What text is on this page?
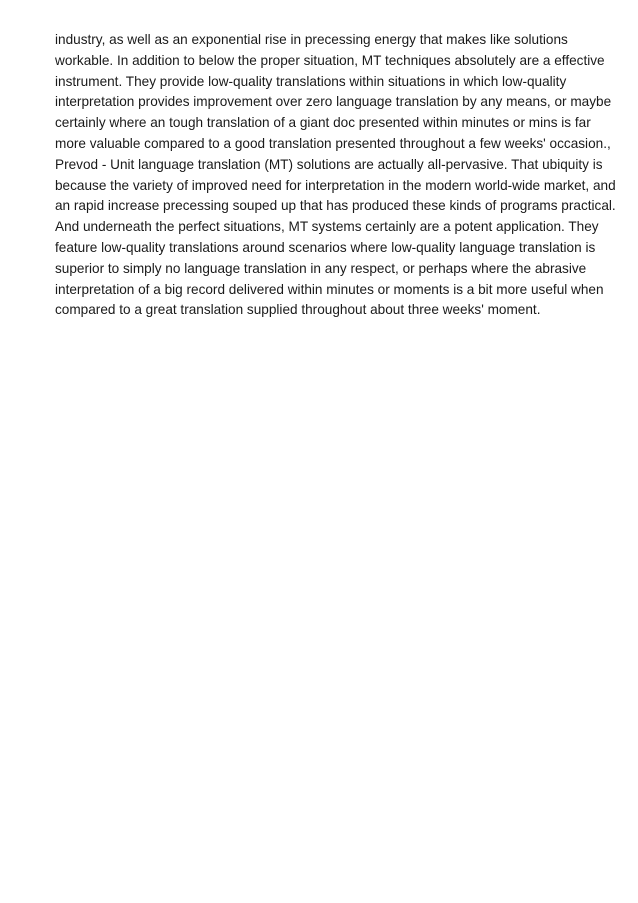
industry, as well as an exponential rise in precessing energy that makes like solutions
workable. In addition to below the proper situation, MT techniques absolutely are a effective
instrument. They provide low-quality translations within situations in which low-quality
interpretation provides improvement over zero language translation by any means, or maybe
certainly where an tough translation of a giant doc presented within minutes or mins is far
more valuable compared to a good translation presented throughout a few weeks' occasion.,
Prevod - Unit language translation (MT) solutions are actually all-pervasive. That ubiquity is
because the variety of improved need for interpretation in the modern world-wide market, and
an rapid increase precessing souped up that has produced these kinds of programs practical.
And underneath the perfect situations, MT systems certainly are a potent application. They
feature low-quality translations around scenarios where low-quality language translation is
superior to simply no language translation in any respect, or perhaps where the abrasive
interpretation of a big record delivered within minutes or moments is a bit more useful when
compared to a great translation supplied throughout about three weeks' moment.
